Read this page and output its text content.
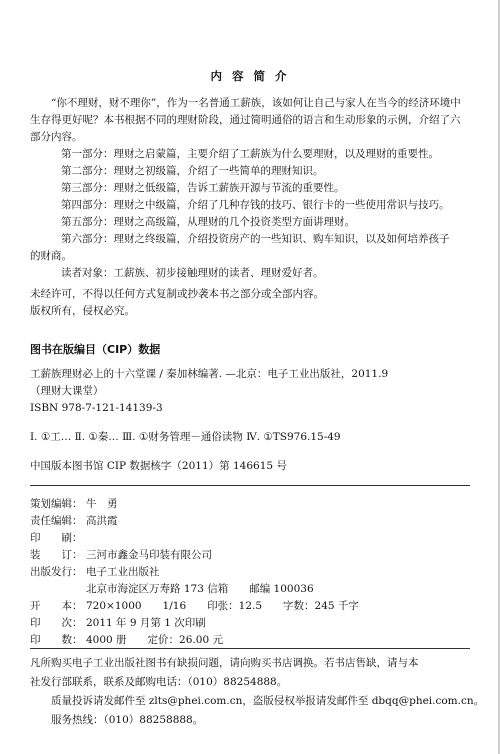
内 容 简 介
“你不理财，财不理你”，作为一名普通工薪族，该如何让自己与家人在当今的经济环境中生存得更好呢？本书根据不同的理财阶段，通过简明通俗的语言和生动形象的示例，介绍了六部分内容。
第一部分：理财之启蒙篇，主要介绍了工薪族为什么要理财，以及理财的重要性。
第二部分：理财之初级篇，介绍了一些简单的理财知识。
第三部分：理财之低级篇，告诉工薪族开源与节流的重要性。
第四部分：理财之中级篇，介绍了几种存钱的技巧、银行卡的一些使用常识与技巧。
第五部分：理财之高级篇，从理财的几个投资类型方面讲理财。
第六部分：理财之终级篇，介绍投资房产的一些知识、购车知识，以及如何培养孩子
的财商。
读者对象：工薪族、初步接触理财的读者、理财爱好者。
未经许可，不得以任何方式复制或抄袭本书之部分或全部内容。
版权所有，侵权必究。
图书在版编目（CIP）数据
工薪族理财必上的十六堂课 / 秦加林编著. —北京：电子工业出版社，2011.9
（理财大课堂）
ISBN 978-7-121-14139-3
Ⅰ. ①工… Ⅱ. ①秦… Ⅲ. ①财务管理－通俗读物 Ⅳ. ①TS976.15-49
中国版本图书馆 CIP 数据核字（2011）第 146615 号
策划编辑： 牛　勇
责任编辑： 高洪霞
印　　刷：
装　　订： 三河市鑫金马印装有限公司
出版发行： 电子工业出版社
北京市海淀区万寿路 173 信箱　　邮编 100036
开　　本： 720×1000　　1/16　　印张：12.5　　字数：245 千字
印　　次： 2011 年 9 月第 1 次印刷
印　　数： 4000 册　　定价：26.00 元
凡所购买电子工业出版社图书有缺损问题，请向购买书店调换。若书店售缺，请与本
社发行部联系，联系及邮购电话：（010）88254888。
质量投诉请发邮件至 zlts@phei.com.cn，盗版侵权举报请发邮件至 dbqq@phei.com.cn。
服务热线：（010）88258888。
